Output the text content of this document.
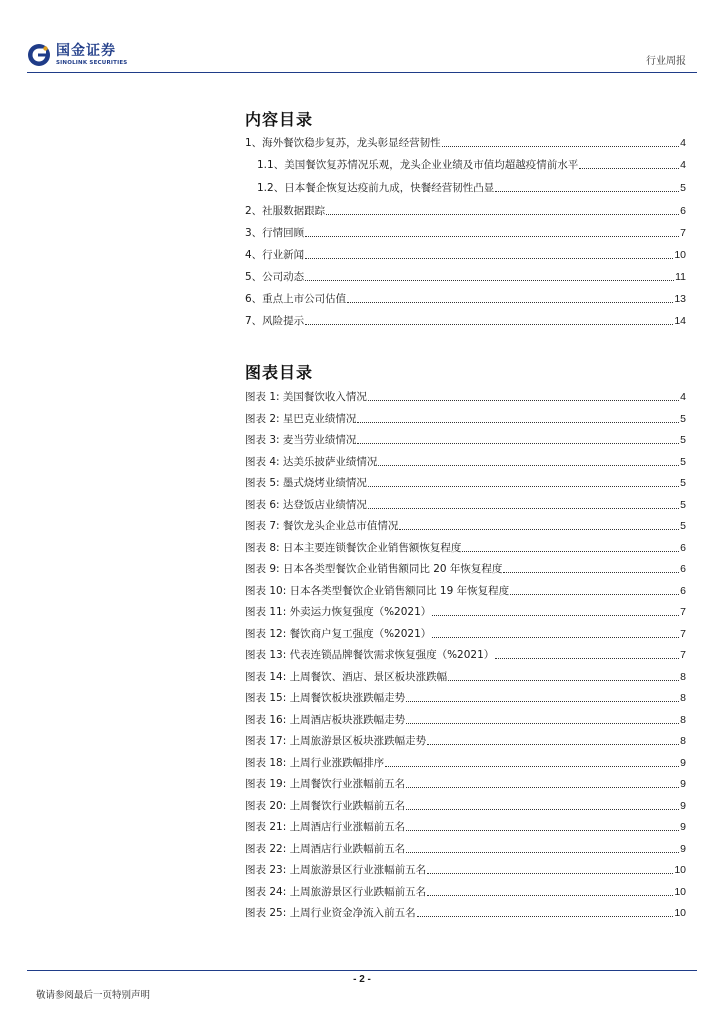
国金证券
SINOLINK SECURITIES	行业周报
内容目录
1、海外餐饮稳步复苏，龙头彰显经营韧性	4
1.1、美国餐饮复苏情况乐观，龙头企业业绩及市值均超越疫情前水平	4
1.2、日本餐企恢复达疫前九成，快餐经营韧性凸显	5
2、社服数据跟踪	6
3、行情回顾	7
4、行业新闻	10
5、公司动态	11
6、重点上市公司估值	13
7、风险提示	14
图表目录
图表 1: 美国餐饮收入情况	4
图表 2: 星巴克业绩情况	5
图表 3: 麦当劳业绩情况	5
图表 4: 达美乐披萨业绩情况	5
图表 5: 墨式烧烤业绩情况	5
图表 6: 达登饭店业绩情况	5
图表 7: 餐饮龙头企业总市值情况	5
图表 8: 日本主要连锁餐饮企业销售额恢复程度	6
图表 9: 日本各类型餐饮企业销售额同比 20 年恢复程度	6
图表 10: 日本各类型餐饮企业销售额同比 19 年恢复程度	6
图表 11: 外卖运力恢复强度（%2021）	7
图表 12: 餐饮商户复工强度（%2021）	7
图表 13: 代表连锁品牌餐饮需求恢复强度（%2021）	7
图表 14: 上周餐饮、酒店、景区板块涨跌幅	8
图表 15: 上周餐饮板块涨跌幅走势	8
图表 16: 上周酒店板块涨跌幅走势	8
图表 17: 上周旅游景区板块涨跌幅走势	8
图表 18: 上周行业涨跌幅排序	9
图表 19: 上周餐饮行业涨幅前五名	9
图表 20: 上周餐饮行业跌幅前五名	9
图表 21: 上周酒店行业涨幅前五名	9
图表 22: 上周酒店行业跌幅前五名	9
图表 23: 上周旅游景区行业涨幅前五名	10
图表 24: 上周旅游景区行业跌幅前五名	10
图表 25: 上周行业资金净流入前五名	10
- 2 -
敬请参阅最后一页特别声明
